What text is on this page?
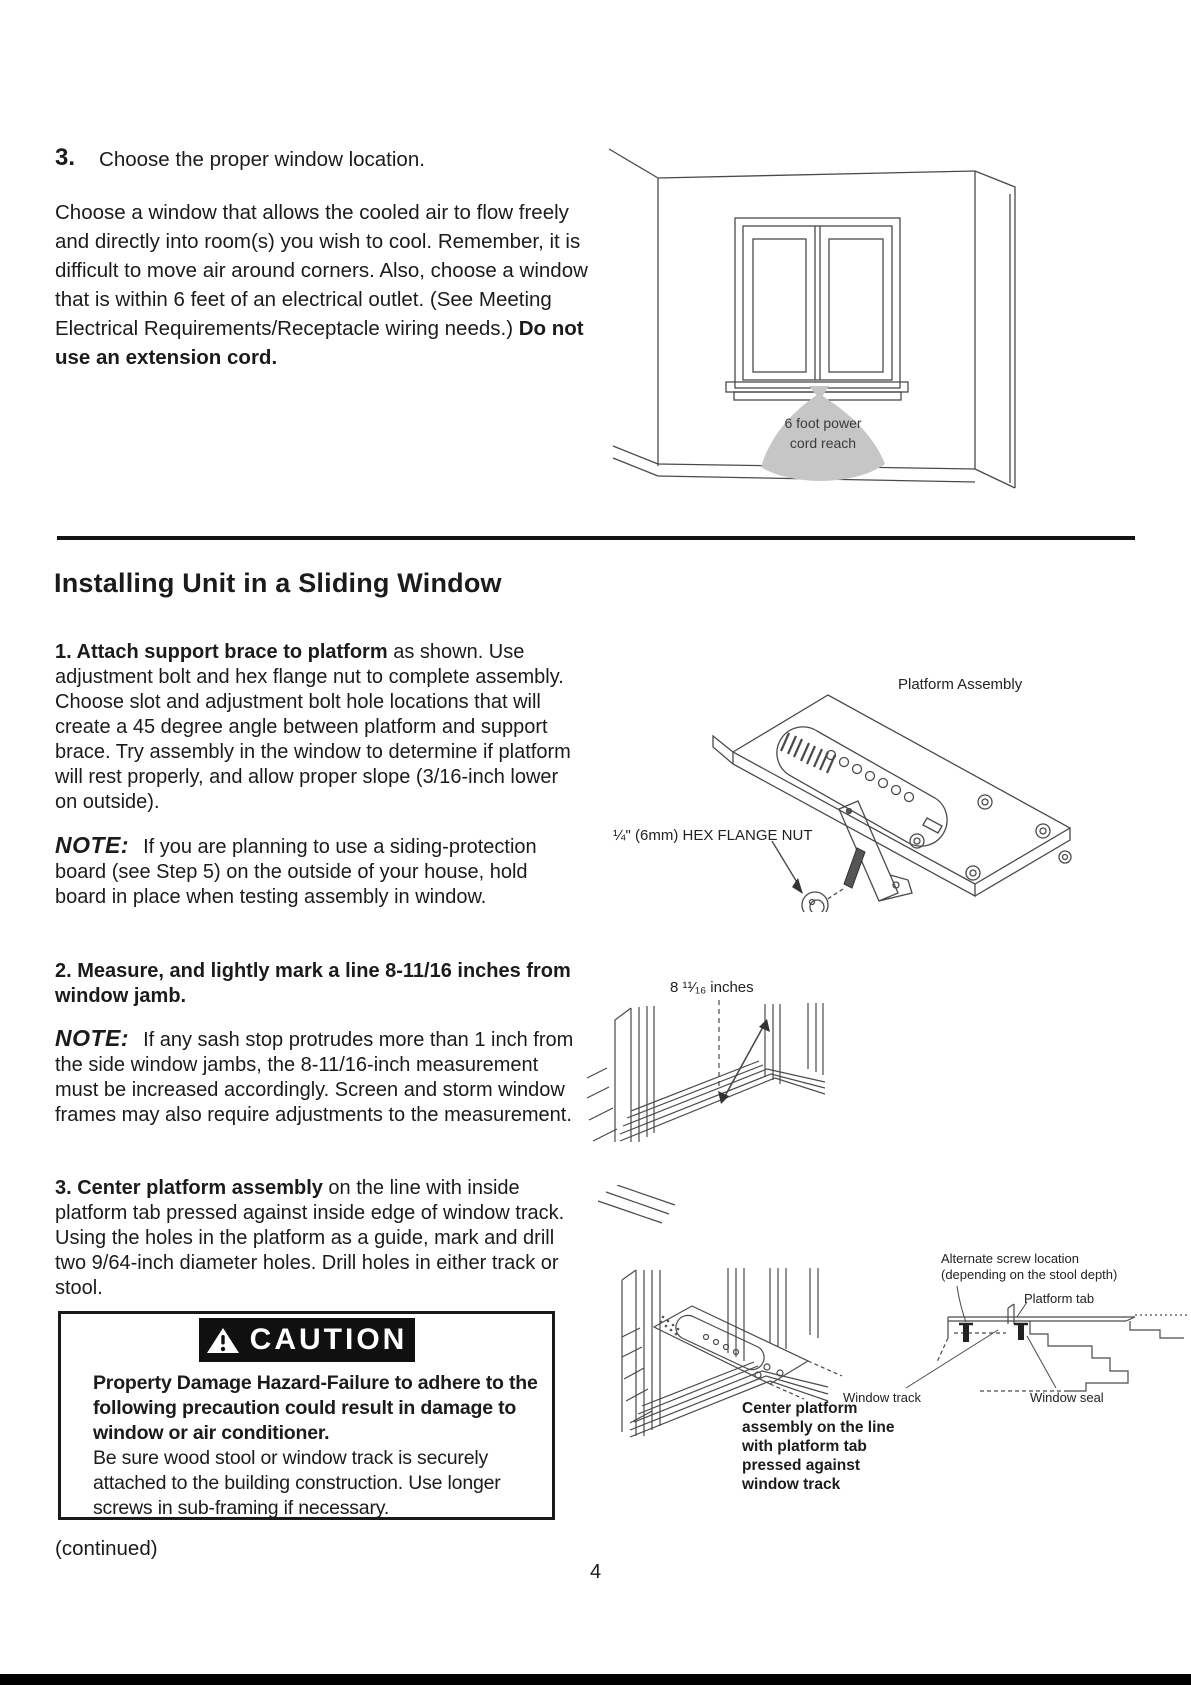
3. Choose the proper window location.

Choose a window that allows the cooled air to flow freely and directly into room(s) you wish to cool. Remember, it is difficult to move air around corners. Also, choose a window that is within 6 feet of an electrical outlet. (See Meeting Electrical Requirements/Receptacle wiring needs.) Do not use an extension cord.

6 foot power cord reach
Installing Unit in a Sliding Window

1. Attach support brace to platform as shown. Use adjustment bolt and hex flange nut to complete assembly. Choose slot and adjustment bolt hole locations that will create a 45 degree angle between platform and support brace. Try assembly in the window to determine if platform will rest properly, and allow proper slope (3/16-inch lower on outside).

NOTE: If you are planning to use a siding-protection board (see Step 5) on the outside of your house, hold board in place when testing assembly in window.

2. Measure, and lightly mark a line 8-11/16 inches from window jamb.

NOTE: If any sash stop protrudes more than 1 inch from the side window jambs, the 8-11/16-inch measurement must be increased accordingly. Screen and storm window frames may also require adjustments to the measurement.

3. Center platform assembly on the line with inside platform tab pressed against inside edge of window track. Using the holes in the platform as a guide, mark and drill two 9/64-inch diameter holes. Drill holes in either track or stool.

CAUTION

Property Damage Hazard-Failure to adhere to the following precaution could result in damage to window or air conditioner.
Be sure wood stool or window track is securely attached to the building construction. Use longer screws in sub-framing if necessary.

(continued)

4

Platform Assembly
¼" (6mm) HEX FLANGE NUT
8 ¹¹⁄₁₆ inches
Center platform assembly on the line with platform tab pressed against window track
Alternate screw location (depending on the stool depth)
Platform tab
Window track	Window seal
